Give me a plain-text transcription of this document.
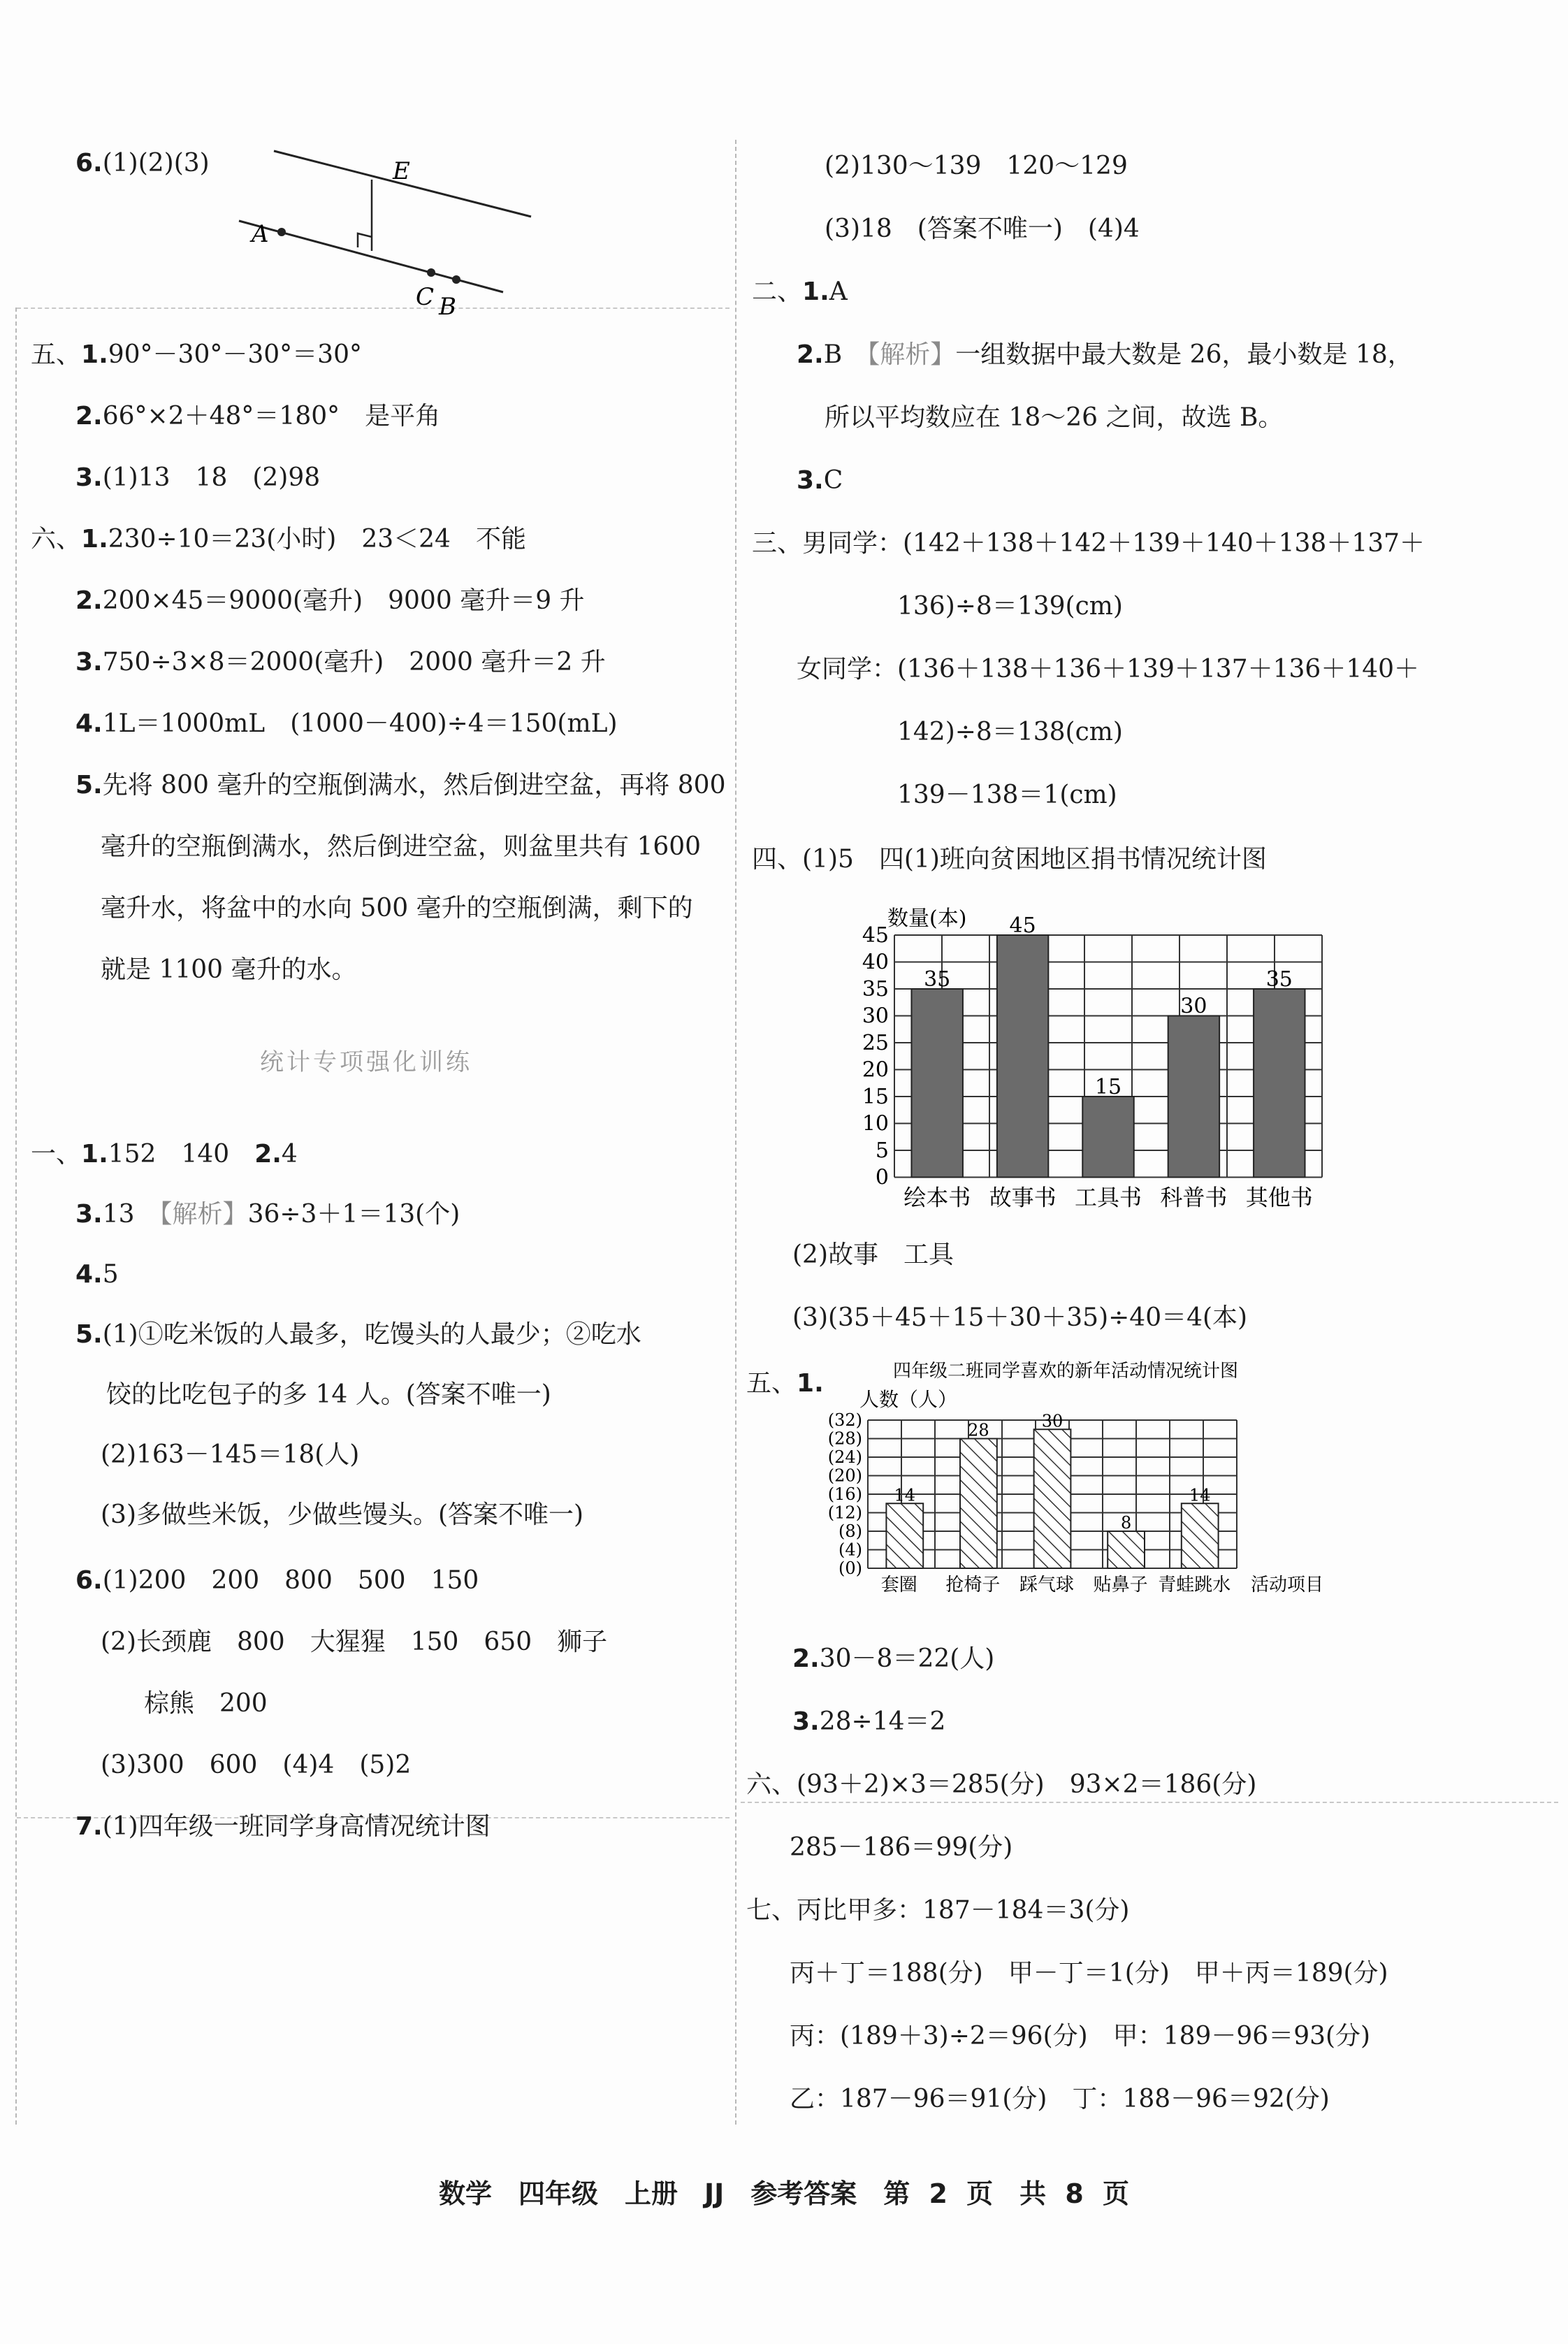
6.(1)(2)(3)	E
A
C B
五、1.90°－30°－30°＝30°
2.66°×2＋48°＝180°　是平角
3.(1)13　18　(2)98
六、1.230÷10＝23(小时)　23＜24　不能
2.200×45＝9000(毫升)　9000 毫升＝9 升
3.750÷3×8＝2000(毫升)　2000 毫升＝2 升
4.1L＝1000mL　(1000－400)÷4＝150(mL)
5.先将 800 毫升的空瓶倒满水，然后倒进空盆，再将 800
毫升的空瓶倒满水，然后倒进空盆，则盆里共有 1600
毫升水，将盆中的水向 500 毫升的空瓶倒满，剩下的
就是 1100 毫升的水。
统计专项强化训练
一、1.152　140　2.4
3.13　【解析】36÷3＋1＝13(个)
4.5
5.(1)①吃米饭的人最多，吃馒头的人最少；②吃水
饺的比吃包子的多 14 人。(答案不唯一)
(2)163－145＝18(人)
(3)多做些米饭，少做些馒头。(答案不唯一)
6.(1)200　200　800　500　150
(2)长颈鹿　800　大猩猩　150　650　狮子
棕熊　200
(3)300　600　(4)4　(5)2
7.(1)四年级一班同学身高情况统计图
(2)130～139　120～129
(3)18　(答案不唯一)　(4)4
二、1.A
2.B　【解析】一组数据中最大数是 26，最小数是 18，
所以平均数应在 18～26 之间，故选 B。
3.C
三、男同学：(142＋138＋142＋139＋140＋138＋137＋
136)÷8＝139(cm)
女同学：(136＋138＋136＋139＋137＋136＋140＋
142)÷8＝138(cm)
139－138＝1(cm)
四、(1)5　四(1)班向贫困地区捐书情况统计图
0
5
10
15
20
25
30
35
40
45
35
绘本书
45
故事书
15
工具书
30
科普书
35
其他书
数量(本)
(2)故事　工具
(3)(35＋45＋15＋30＋35)÷40＝4(本)
五、1.
(0)
(4)
(8)
(12)
(16)
(20)
(24)
(28)
(32)
14
套圈
28
抢椅子
30
踩气球
8
贴鼻子
14
青蛙跳水
人数（人）
活动项目
四年级二班同学喜欢的新年活动情况统计图
2.30－8＝22(人)
3.28÷14＝2
六、(93＋2)×3＝285(分)　93×2＝186(分)
285－186＝99(分)
七、丙比甲多：187－184＝3(分)
丙＋丁＝188(分)　甲－丁＝1(分)　甲＋丙＝189(分)
丙：(189＋3)÷2＝96(分)　甲：189－96＝93(分)
乙：187－96＝91(分)　丁：188－96＝92(分)
数学　四年级　上册　JJ　参考答案　第 2 页　共 8 页
